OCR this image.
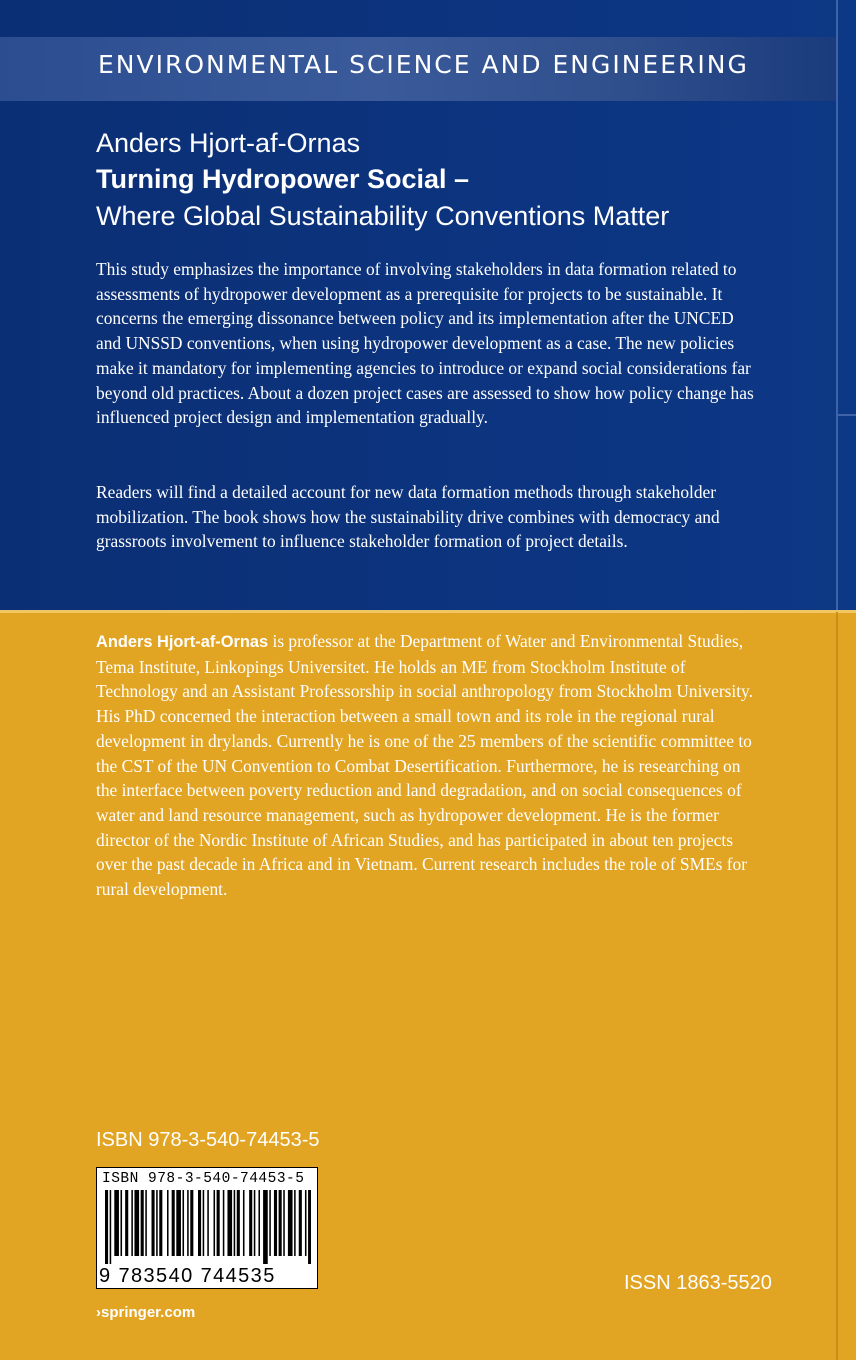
ENVIRONMENTAL SCIENCE AND ENGINEERING

Anders Hjort-af-Ornas

Turning Hydropower Social –

Where Global Sustainability Conventions Matter

This study emphasizes the importance of involving stakeholders in data formation related to assessments of hydropower development as a prerequisite for projects to be sustainable. It concerns the emerging dissonance between policy and its implementation after the UNCED and UNSSD conventions, when using hydropower development as a case. The new policies make it mandatory for implementing agencies to introduce or expand social considerations far beyond old practices. About a dozen project cases are assessed to show how policy change has influenced project design and implementation gradually.

Readers will find a detailed account for new data formation methods through stakeholder mobilization. The book shows how the sustainability drive combines with democracy and grassroots involvement to influence stakeholder formation of project details.

Anders Hjort-af-Ornas is professor at the Department of Water and Environmental Studies, Tema Institute, Linkopings Universitet. He holds an ME from Stockholm Institute of Technology and an Assistant Professorship in social anthropology from Stockholm University. His PhD concerned the interaction between a small town and its role in the regional rural development in drylands. Currently he is one of the 25 members of the scientific committee to the CST of the UN Convention to Combat Desertification. Furthermore, he is researching on the interface between poverty reduction and land degradation, and on social consequences of water and land resource management, such as hydropower development. He is the former director of the Nordic Institute of African Studies, and has participated in about ten projects over the past decade in Africa and in Vietnam. Current research includes the role of SMEs for rural development.

ISBN 978-3-540-74453-5

ISBN 978-3-540-74453-5

9 783540 744535

›springer.com

ISSN 1863-5520
